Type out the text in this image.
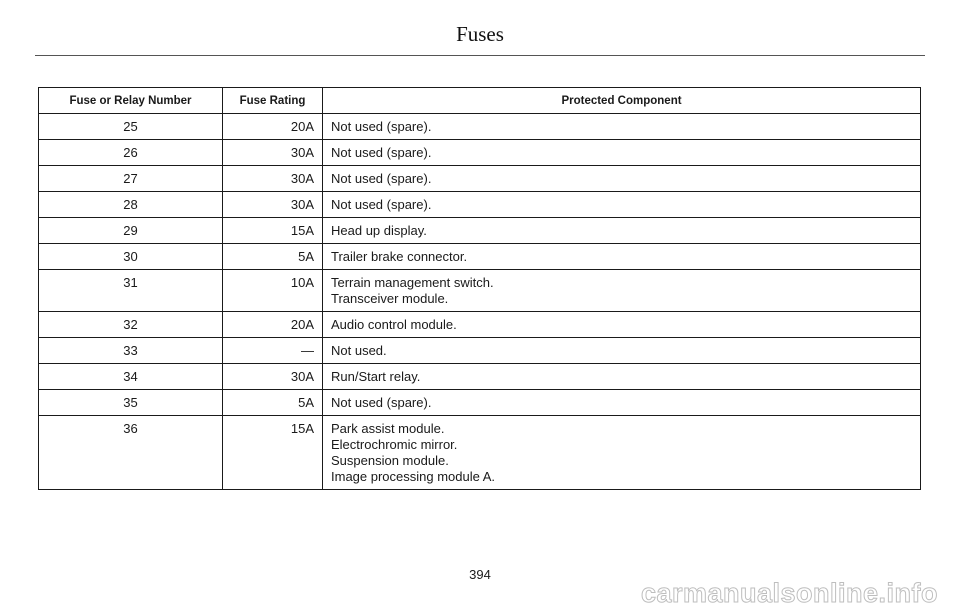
Fuses
Fuse or Relay Number	Fuse Rating	Protected Component
25	20A	Not used (spare).

26	30A	Not used (spare).

27	30A	Not used (spare).

28	30A	Not used (spare).

29	15A	Head up display.

30	5A	Trailer brake connector.

31	10A	Terrain management switch.
Transceiver module.

32	20A	Audio control module.

33	—	Not used.

34	30A	Run/Start relay.

35	5A	Not used (spare).

36	15A	Park assist module.
Electrochromic mirror.
Suspension module.
Image processing module A.
394
carmanualsonline.info
